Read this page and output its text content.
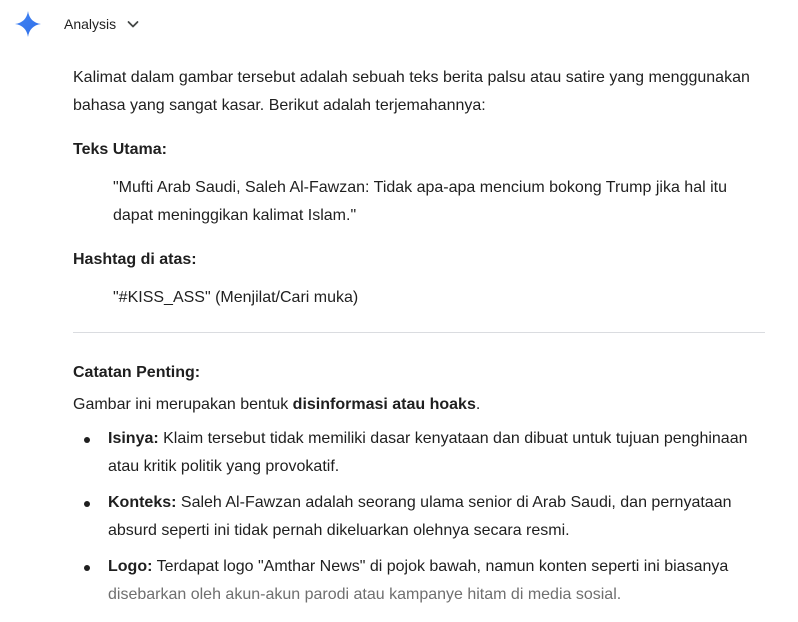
Analysis

Kalimat dalam gambar tersebut adalah sebuah teks berita palsu atau satire yang menggunakan bahasa yang sangat kasar. Berikut adalah terjemahannya:

Teks Utama:

"Mufti Arab Saudi, Saleh Al-Fawzan: Tidak apa-apa mencium bokong Trump jika hal itu dapat meninggikan kalimat Islam."

Hashtag di atas:

"#KISS_ASS" (Menjilat/Cari muka)

Catatan Penting:

Gambar ini merupakan bentuk disinformasi atau hoaks.

Isinya: Klaim tersebut tidak memiliki dasar kenyataan dan dibuat untuk tujuan penghinaan atau kritik politik yang provokatif.
Konteks: Saleh Al-Fawzan adalah seorang ulama senior di Arab Saudi, dan pernyataan absurd seperti ini tidak pernah dikeluarkan olehnya secara resmi.
Logo: Terdapat logo "Amthar News" di pojok bawah, namun konten seperti ini biasanya disebarkan oleh akun-akun parodi atau kampanye hitam di media sosial.
